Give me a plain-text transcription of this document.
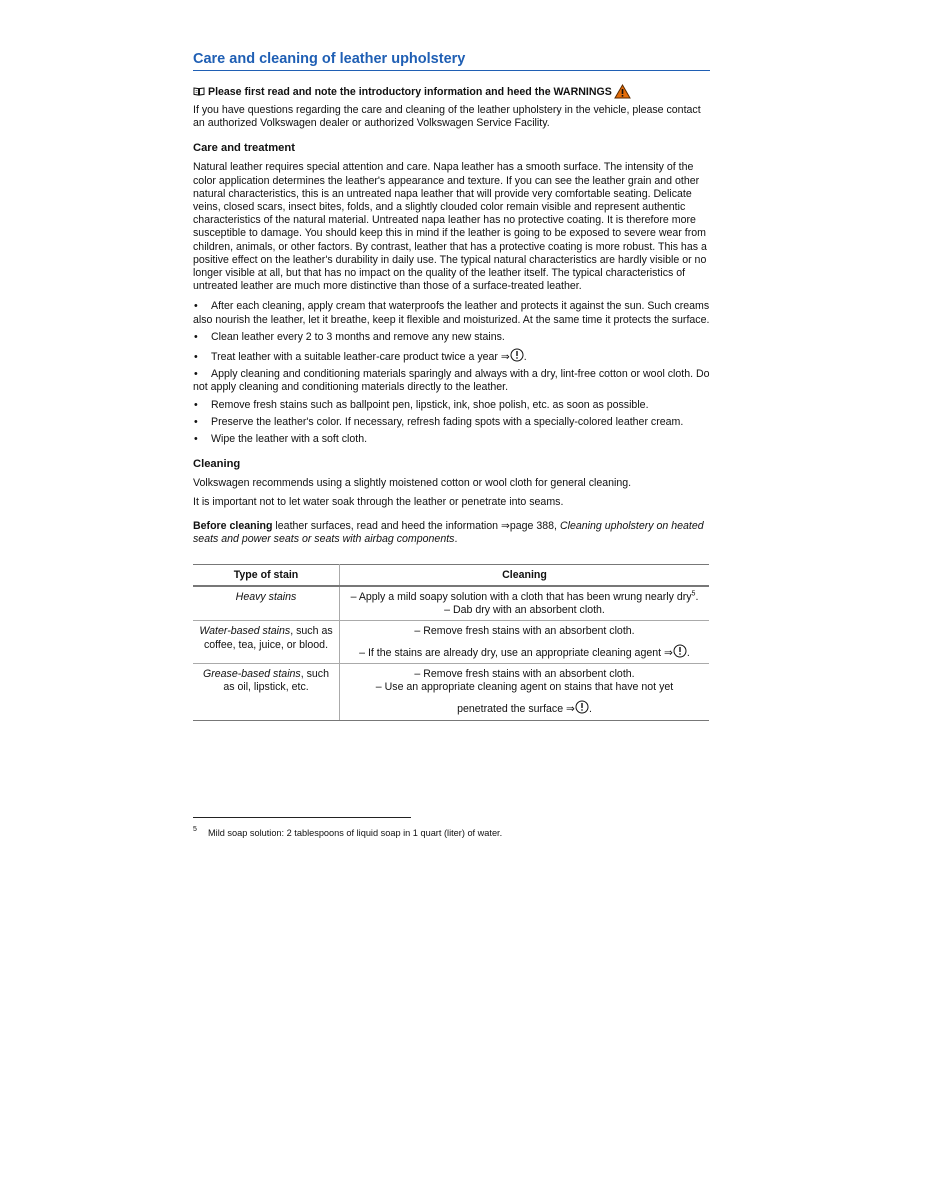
Care and cleaning of leather upholstery
Please first read and note the introductory information and heed the WARNINGS

If you have questions regarding the care and cleaning of the leather upholstery in the vehicle, please contact an authorized Volkswagen dealer or authorized Volkswagen Service Facility.

Care and treatment

Natural leather requires special attention and care. Napa leather has a smooth surface. The intensity of the color application determines the leather's appearance and texture. If you can see the leather grain and other natural characteristics, this is an untreated napa leather that will provide very comfortable seating. Delicate veins, closed scars, insect bites, folds, and a slightly clouded color remain visible and represent authentic characteristics of the natural material. Untreated napa leather has no protective coating. It is therefore more susceptible to damage. You should keep this in mind if the leather is going to be exposed to severe wear from children, animals, or other factors. By contrast, leather that has a protective coating is more robust. This has a positive effect on the leather's durability in daily use. The typical natural characteristics are hardly visible or no longer visible at all, but that has no impact on the quality of the leather itself. The typical characteristics of untreated leather are much more distinctive than those of a surface-treated leather.

• After each cleaning, apply cream that waterproofs the leather and protects it against the sun. Such creams also nourish the leather, let it breathe, keep it flexible and moisturized. At the same time it protects the surface.
• Clean leather every 2 to 3 months and remove any new stains.
• Treat leather with a suitable leather-care product twice a year ⇒ .
• Apply cleaning and conditioning materials sparingly and always with a dry, lint-free cotton or wool cloth. Do not apply cleaning and conditioning materials directly to the leather.
• Remove fresh stains such as ballpoint pen, lipstick, ink, shoe polish, etc. as soon as possible.
• Preserve the leather's color. If necessary, refresh fading spots with a specially-colored leather cream.
• Wipe the leather with a soft cloth.
Cleaning

Volkswagen recommends using a slightly moistened cotton or wool cloth for general cleaning.

It is important not to let water soak through the leather or penetrate into seams.

Before cleaning leather surfaces, read and heed the information ⇒page 388, Cleaning upholstery on heated seats and power seats or seats with airbag components.

Type of stain	Cleaning
Heavy stains	– Apply a mild soapy solution with a cloth that has been wrung nearly dry$^5$.
– Dab dry with an absorbent cloth.

Water-based stains, such as coffee, tea, juice, or blood.	– Remove fresh stains with an absorbent cloth.
– If the stains are already dry, use an appropriate cleaning agent ⇒ .

Grease-based stains, such as oil, lipstick, etc.	– Remove fresh stains with an absorbent cloth.
– Use an appropriate cleaning agent on stains that have not yet
penetrated the surface ⇒ .
5	Mild soap solution: 2 tablespoons of liquid soap in 1 quart (liter) of water.
